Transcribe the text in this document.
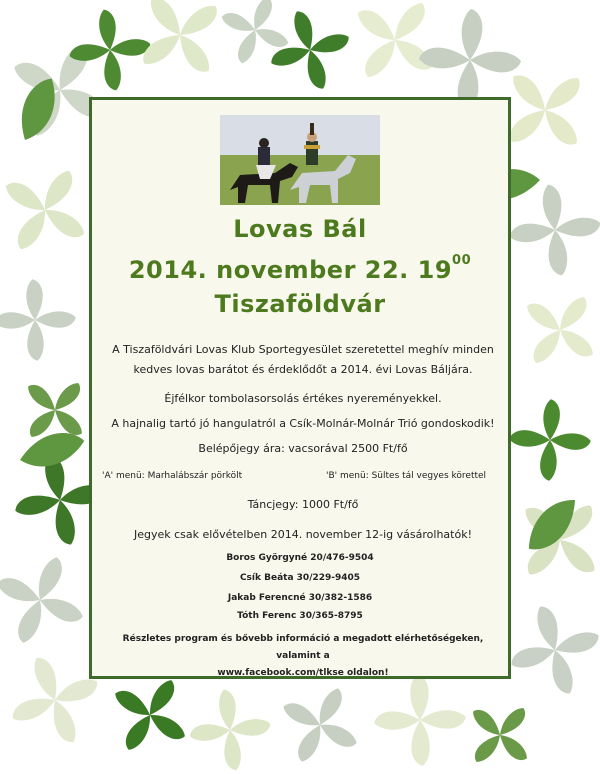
Lovas Bál
2014. november 22. $19^{00}$
Tiszaföldvár
A Tiszaföldvári Lovas Klub Sportegyesület szeretettel meghív minden
kedves lovas barátot és érdeklődőt a 2014. évi Lovas Báljára.
Éjfélkor tombolasorsolás értékes nyereményekkel.
A hajnalig tartó jó hangulatról a Csík-Molnár-Molnár Trió gondoskodik!
Belépőjegy ára: vacsorával 2500 Ft/fő
'A' menü: Marhalábszár pörkölt	'B' menü: Sültes tál vegyes körettel
Táncjegy: 1000 Ft/fő
Jegyek csak elővételben 2014. november 12-ig vásárolhatók!
Boros Györgyné 20/476-9504
Csík Beáta 30/229-9405
Jakab Ferencné 30/382-1586
Tóth Ferenc 30/365-8795
Részletes program és bővebb információ a megadott elérhetőségeken, valamint a
www.facebook.com/tlkse oldalon!
